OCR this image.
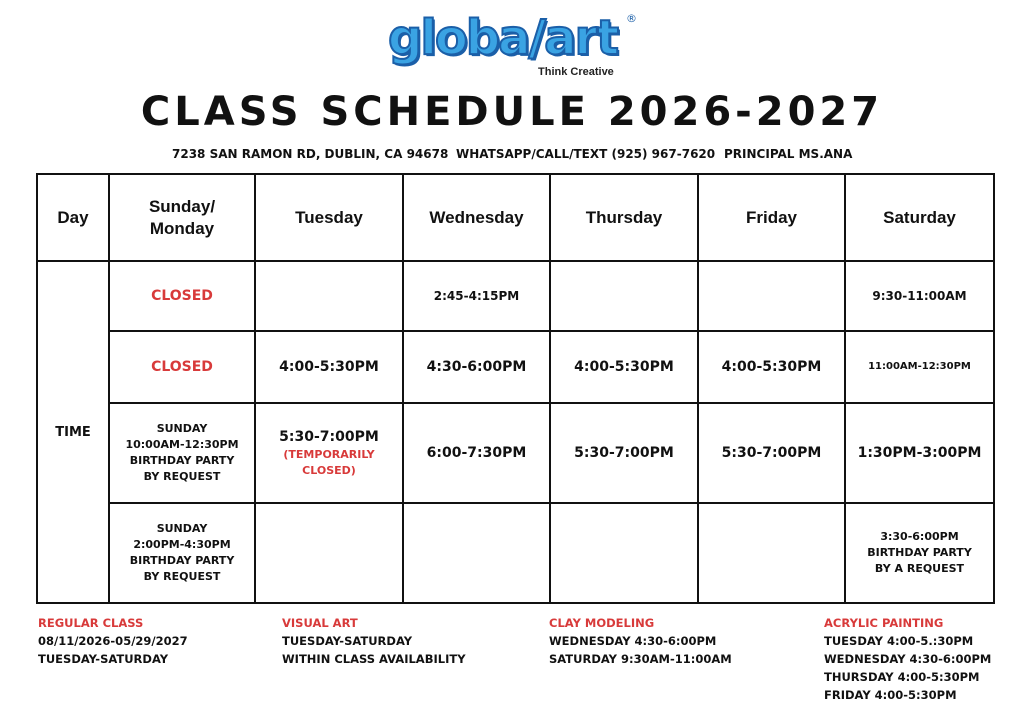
globa/art ®
Think Creative
CLASS SCHEDULE 2026-2027
7238 SAN RAMON RD, DUBLIN, CA 94678 WHATSAPP/CALL/TEXT (925) 967-7620 PRINCIPAL MS.ANA
Day	Sunday/ Monday	Tuesday	Wednesday	Thursday	Friday	Saturday
TIME	CLOSED		2:45-4:15PM			9:30-11:00AM
	CLOSED	4:00-5:30PM	4:30-6:00PM	4:00-5:30PM	4:00-5:30PM	11:00AM-12:30PM

	SUNDAY
10:00AM-12:30PM
BIRTHDAY PARTY
BY REQUEST	5:30-7:00PM
(TEMPORARILY
CLOSED)	6:00-7:30PM	5:30-7:00PM	5:30-7:00PM	1:30PM-3:00PM

	SUNDAY
2:00PM-4:30PM
BIRTHDAY PARTY
BY REQUEST					3:30-6:00PM
BIRTHDAY PARTY
BY A REQUEST
REGULAR CLASS
08/11/2026-05/29/2027
TUESDAY-SATURDAY
VISUAL ART
TUESDAY-SATURDAY
WITHIN CLASS AVAILABILITY
CLAY MODELING
WEDNESDAY 4:30-6:00PM
SATURDAY 9:30AM-11:00AM
ACRYLIC PAINTING
TUESDAY 4:00-5.:30PM
WEDNESDAY 4:30-6:00PM
THURSDAY 4:00-5:30PM
FRIDAY 4:00-5:30PM
